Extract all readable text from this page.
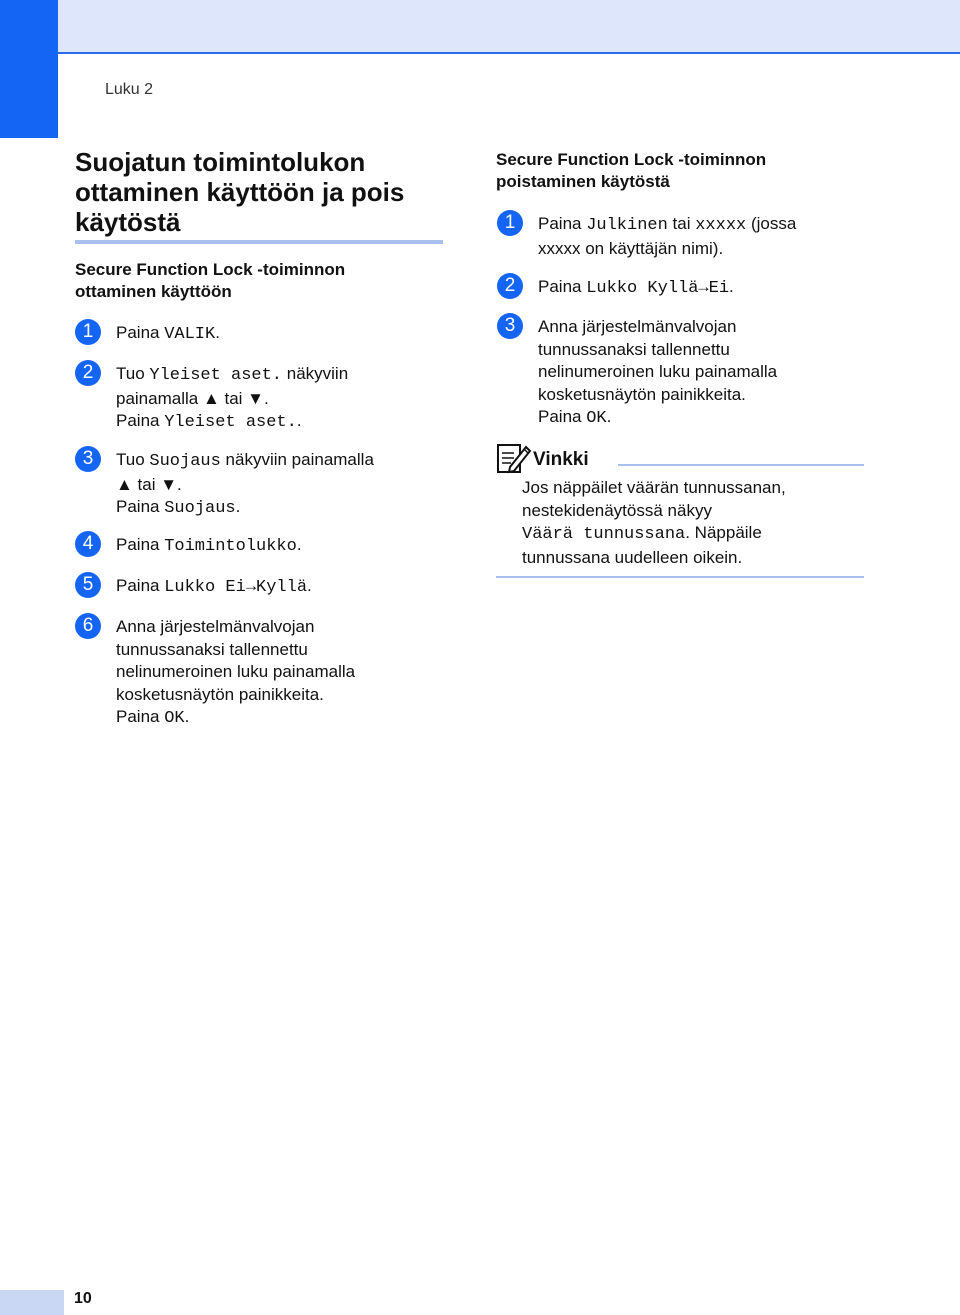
Luku 2
Suojatun toimintolukon ottaminen käyttöön ja pois käytöstä
Secure Function Lock -toiminnon ottaminen käyttöön
1	Paina VALIK.
2	Tuo Yleiset aset. näkyviin
painamalla ▲ tai ▼.
Paina Yleiset aset..
3	Tuo Suojaus näkyviin painamalla
▲ tai ▼.
Paina Suojaus.
4	Paina Toimintolukko.
5	Paina Lukko Ei→Kyllä.
6	Anna järjestelmänvalvojan
tunnussanaksi tallennettu
nelinumeroinen luku painamalla
kosketusnäytön painikkeita.
Paina OK.
Secure Function Lock -toiminnon
poistaminen käytöstä
1	Paina Julkinen tai xxxxx (jossa
xxxxx on käyttäjän nimi).
2	Paina Lukko Kyllä→Ei.
3	Anna järjestelmänvalvojan
tunnussanaksi tallennettu
nelinumeroinen luku painamalla
kosketusnäytön painikkeita.
Paina OK.
Vinkki
Jos näppäilet väärän tunnussanan,
nestekidenäytössä näkyy
Väärä tunnussana. Näppäile
tunnussana uudelleen oikein.
10
